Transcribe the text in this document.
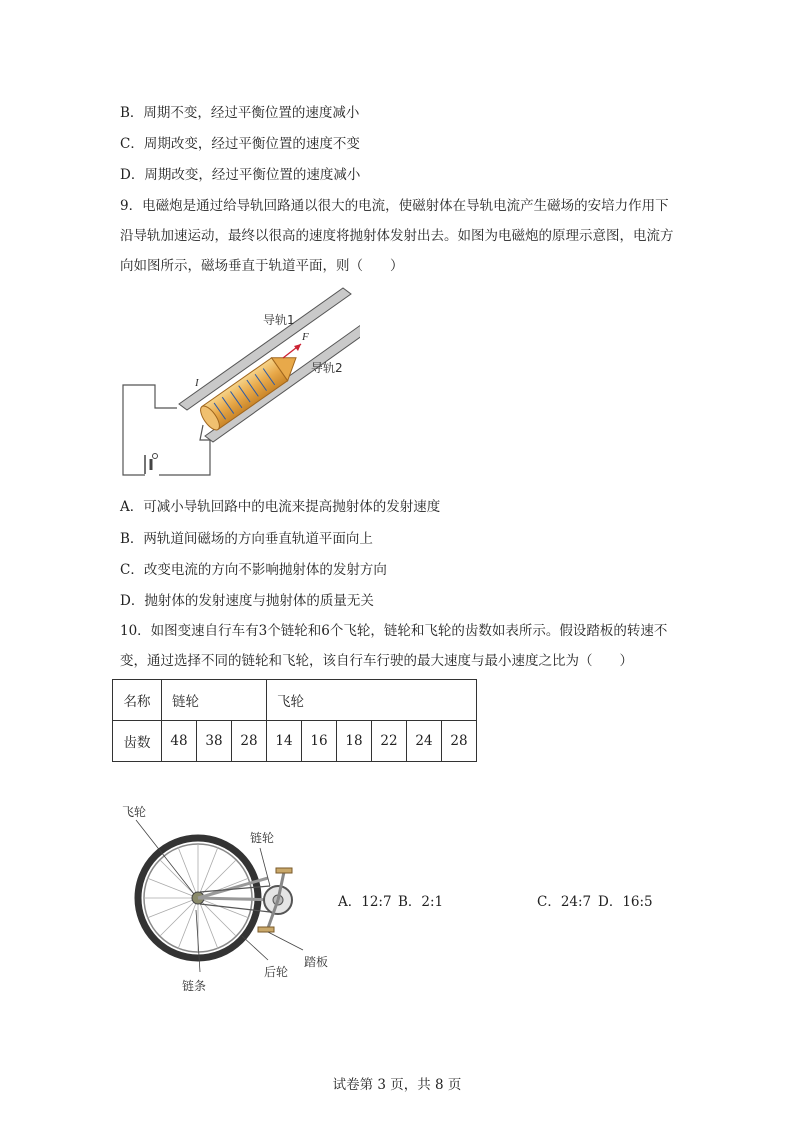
B．周期不变，经过平衡位置的速度减小
C．周期改变，经过平衡位置的速度不变
D．周期改变，经过平衡位置的速度减小
9．电磁炮是通过给导轨回路通以很大的电流，使磁射体在导轨电流产生磁场的安培力作用下沿导轨加速运动，最终以很高的速度将抛射体发射出去。如图为电磁炮的原理示意图，电流方向如图所示，磁场垂直于轨道平面，则（　　）
F
I
导轨1
导轨2
A．可减小导轨回路中的电流来提高抛射体的发射速度
B．两轨道间磁场的方向垂直轨道平面向上
C．改变电流的方向不影响抛射体的发射方向
D．抛射体的发射速度与抛射体的质量无关
10．如图变速自行车有3个链轮和6个飞轮，链轮和飞轮的齿数如表所示。假设踏板的转速不变，通过选择不同的链轮和飞轮，该自行车行驶的最大速度与最小速度之比为（　　）
名称	链轮			飞轮					
齿数	48	38	28	14	16	18	22	24	28
飞轮
链轮
踏板
后轮
链条
A．12:7 B．2:1	C．24:7 D．16:5
试卷第 3 页，共 8 页
